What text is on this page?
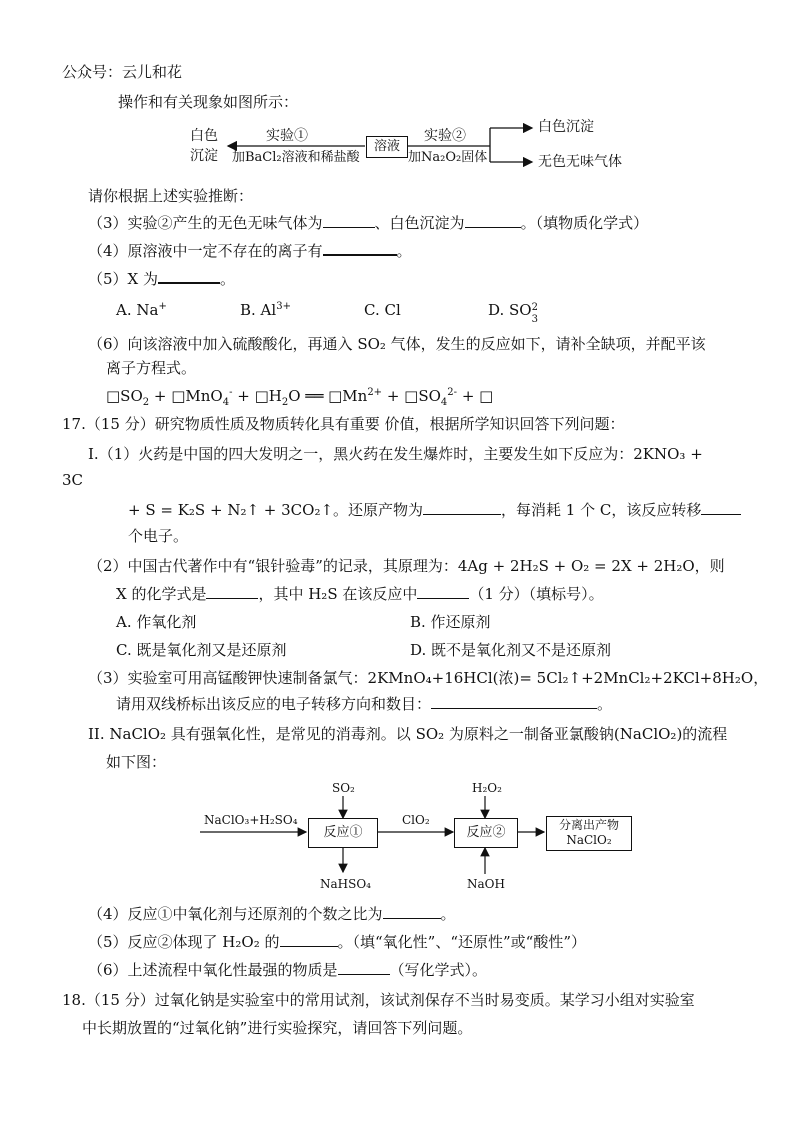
公众号：云儿和花
操作和有关现象如图所示：
溶液
白色
沉淀
实验①
加BaCl₂溶液和稀盐酸
实验②
加Na₂O₂固体
白色沉淀
无色无味气体
请你根据上述实验推断：
（3）实验②产生的无色无味气体为	、白色沉淀为	。（填物质化学式）
（4）原溶液中一定不存在的离子有	。
（5）X 为	。
A. Na+	B. $Al^{3+}$	C. Cl	D. SO 2
3
（6）向该溶液中加入硫酸酸化，再通入 SO₂ 气体，发生的反应如下，请补全缺项，并配平该
离子方程式。
$□SO_2$ + □MnO$_4$- + $□H_2O$ ══ $□Mn^{2+}$ + $□SO_4^{2-}$ + □
17.（15 分）研究物质性质及物质转化具有重要 价值，根据所学知识回答下列问题：
I.（1）火药是中国的四大发明之一，黑火药在发生爆炸时，主要发生如下反应为：2KNO₃ +
3C
+ S = K₂S + N₂↑ + 3CO₂↑。还原产物为	，每消耗 1 个 C，该反应转移
个电子。
（2）中国古代著作中有“银针验毒”的记录，其原理为：4Ag + 2H₂S + O₂ = 2X + 2H₂O，则
X 的化学式是	，其中 H₂S 在该反应中	（1 分）（填标号）。
A. 作氧化剂	B. 作还原剂
C. 既是氧化剂又是还原剂	D. 既不是氧化剂又不是还原剂
（3）实验室可用高锰酸钾快速制备氯气：2KMnO₄+16HCl(浓)= 5Cl₂↑+2MnCl₂+2KCl+8H₂O，
请用双线桥标出该反应的电子转移方向和数目：	。
II. NaClO₂ 具有强氧化性，是常见的消毒剂。以 SO₂ 为原料之一制备亚氯酸钠(NaClO₂)的流程
如下图：
NaClO₃+H₂SO₄
SO₂
反应①
ClO₂
H₂O₂
反应②	分离出产物
NaClO₂
NaHSO₄	NaOH
（4）反应①中氧化剂与还原剂的个数之比为	。
（5）反应②体现了 H₂O₂ 的	。（填“氧化性”、“还原性”或“酸性”）
（6）上述流程中氧化性最强的物质是	（写化学式）。
18.（15 分）过氧化钠是实验室中的常用试剂，该试剂保存不当时易变质。某学习小组对实验室
中长期放置的“过氧化钠”进行实验探究，请回答下列问题。
